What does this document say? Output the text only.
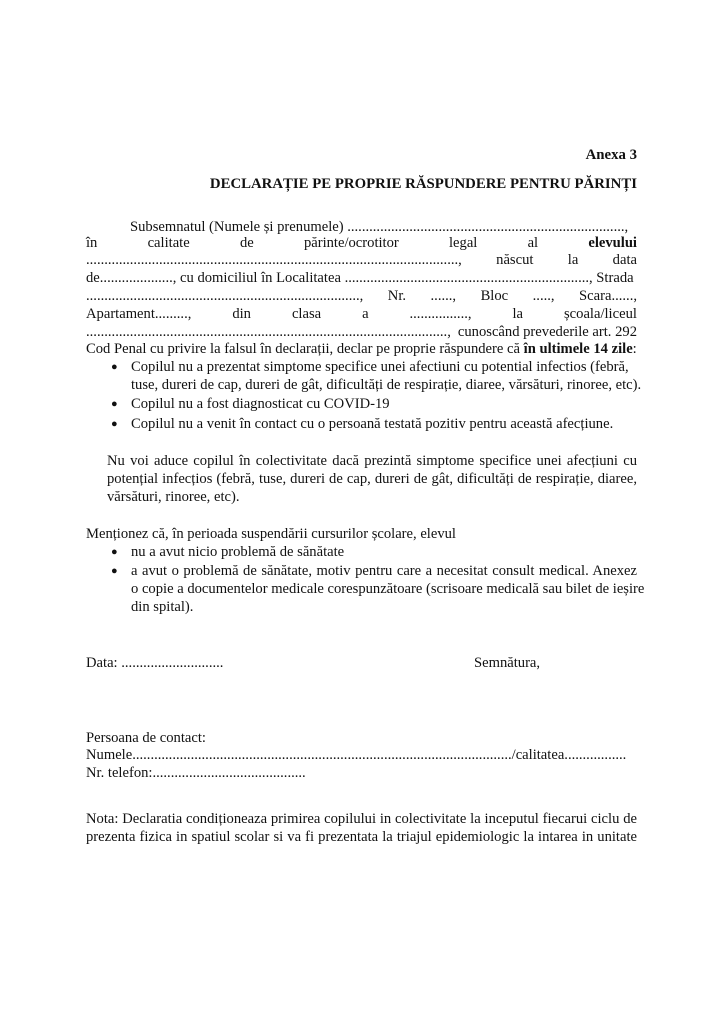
Anexa 3
DECLARAȚIE PE PROPRIE RĂSPUNDERE PENTRU PĂRINȚI
Subsemnatul (Numele și prenumele) ............................................................................,
în	calitate	de	părinte/ocrotitor	legal	al	elevului
......................................................................................................, născut la data
de...................., cu domiciliul în Localitatea ..................................................................., Strada
..........................................................................., Nr. ......, Bloc ....., Scara......,
Apartament.........,	din	clasa	a	................,	la	școala/liceul
..................................................................................................., cunoscând prevederile art. 292
Cod Penal cu privire la falsul în declarații, declar pe proprie răspundere că în ultimele 14 zile:
● Copilul nu a prezentat simptome specifice unei afectiuni cu potential infectios (febră,
tuse, dureri de cap, dureri de gât, dificultăți de respirație, diaree, vărsături, rinoree, etc).
● Copilul nu a fost diagnosticat cu COVID-19
● Copilul nu a venit în contact cu o persoană testată pozitiv pentru această afecțiune.
Nu voi aduce copilul în colectivitate dacă prezintă simptome specifice unei afecțiuni cu
potențial infecțios (febră, tuse, dureri de cap, dureri de gât, dificultăți de respirație, diaree,
vărsături, rinoree, etc).
Menționez că, în perioada suspendării cursurilor școlare, elevul
● nu a avut nicio problemă de sănătate
● a avut o problemă de sănătate, motiv pentru care a necesitat consult medical. Anexez
o copie a documentelor medicale corespunzătoare (scrisoare medicală sau bilet de ieșire
din spital).
Data: ............................	Semnătura,
Persoana de contact:
Numele......................................................................................................../calitatea.................
Nr. telefon:..........................................
Nota: Declaratia condiționeaza primirea copilului in colectivitate la inceputul fiecarui ciclu de
prezenta fizica in spatiul scolar si va fi prezentata la triajul epidemiologic la intarea in unitate
